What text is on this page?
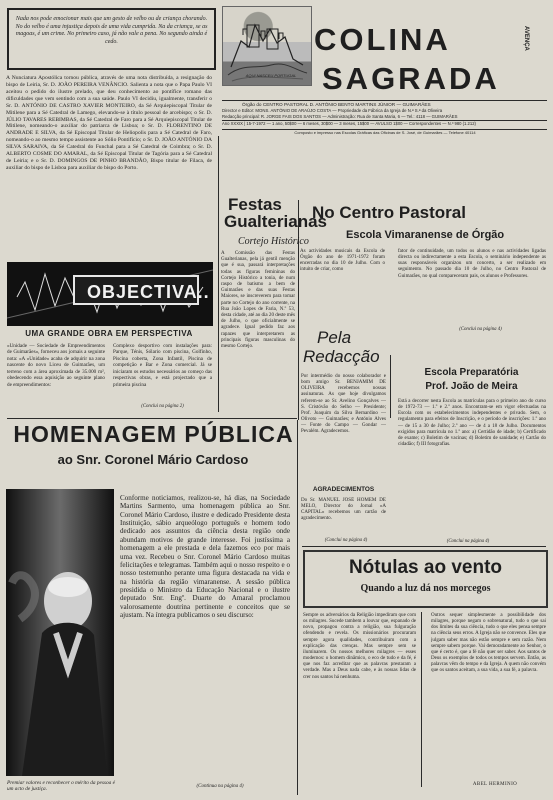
Nada nos pode emocionar mais que um gesto de velho ou de criança chorando. No do velho é uma injustiça depois de uma vida cumprida. Na da criança, se as magoas, é um crime. No primeiro caso, já não vale a pena. No segundo ainda é cedo.
A Nunciatura Apostólica tornou pública, através de uma nota distribuída, a resignação do bispo de Leiria, Sr. D. JOÃO PEREIRA VENÂNCIO. Salienta a nota que o Papa Paulo VI aceitou o pedido do ilustre prelado, que deu conhecimento ao pontífice romano das dificuldades que vem sentindo com a sua saúde. Paulo VI decidiu, igualmente, transferir o Sr. D. ANTÓNIO DE CASTRO XAVIER MONTEIRO, da Sé Arquiepiscopal Titular de Mitilene para a Sé Catedral de Lamego, elevando-se à título pessoal de arcebispo; o Sr. D. JÚLIO TAVARES REBIMBAS, da Sé Catedral de Faro para a Sé Arquiepiscopal Titular de Mitilene, nomeando-o auxiliar do patriarca de Lisboa; o Sr. D. FLORENTINO DE ANDRADE E SILVA, da Sé Episcopal Titular de Heliopolis para a Sé Catedral de Faro, nomeando-o ao mesmo tempo assistente ao Sólio Pontifício; o Sr. D. JOÃO ANTÓNIO DA SILVA SARAIVA, da Sé Catedral do Funchal para a Sé Catedral de Coimbra; o Sr. D. ALBERTO COSME DO AMARAL, da Sé Episcopal Titular de Tagória para a Sé Catedral de Leiria; e o Sr. D. DOMINGOS DE PINHO BRANDÃO, Bispo titular de Filaca, de auxiliar do bispo de Lisboa para auxiliar do bispo do Porto.
AQUI NASCEU PORTUGAL
COLINA
SAGRADA
AVENÇA
Órgão do CENTRO PASTORAL D. ANTÓNIO BENTO MARTINS JÚNIOR — GUIMARÃES
Director e Editor: MONS. ANTÓNIO DE ARAÚJO COSTA — Propriedade da Fábrica da Igreja de N.ª S.ª da Oliveira
Redacção principal: R. JORGE FAIS DOS SANTOS — Administração: Rua de Santa Maria, 6 — Tel.: 4118 — GUIMARÃES
Ano XXXIX | 15-7-1972 — 1 ano, 50$00 — 6 meses, 30$00 — 3 meses, 15$00 — AVULSO 1$00 — Correspondentes — N.º 980 (1.212)
Composto e impresso nas Escolas Gráficas das Oficinas de S. José, de Guimarães — Telefone 40114
OBJECTIVA..
UMA GRANDE OBRA EM PERSPECTIVA
«Unidade — Sociedade de Empreendimentos de Guimarães», forneceu aos jornais a seguinte nota: «A «Unidade» acaba de adquirir na zona nascente do novo Liceu de Guimarães, um terreno com a área aproximada de 35.000 m², obedecendo essa aquisição ao seguinte plano de empreendimentos:
Complexo desportivo com instalações para: Parque, Ténis, Sólario com piscina, Golfinho, Piscina coberta, Zona Infantil, Piscina de competição e Bar e Zona comercial. Já se iniciaram os estudos necessários ao começo das respectivas obras, e está projectado que a primeira piscina
(Conclui na página 2)
Festas
Gualterianas
Cortejo Histórico
A Comissão das Festas Gualterianas, pela já gentil menção que é sua, passará interpretações todas as figuras femininas do Cortejo Histórico a tonia, de num raspo de batismo a bem de Guimarães e das suas Festas Maiores, se inscreverem para tomar parte no Cortejo do ano corrente, na Rua João Lopes de Faria, N.º 53, desta cidade, até ao dia 20 deste mês de Julho, o que oficialmente se agradece. Igual pedido faz aos rapazes que interpretarem as principais figuras masculinas do mesmo Cortejo.
No Centro Pastoral
Escola Vimaranense de Órgão
As actividades musicais da Escola de Órgão do ano de 1971-1972 foram encerradas no dia 10 de Julho. Com o intuito de criar, como
fator de continuidade, um todos os alunos e nas actividades ligadas directa ou indirectamente a esta Escola, o seminário independente as suas responsáveis organizou um concerto, a ser realizado em seguimento. No passado dia 10 de Julho, no Centro Pastoral de Guimarães, no qual compareceram pais, os alunos e Professores.
(Conclui na página 4)
Pela
Redacção
Por intermédio do nosso colaborador e bom amigo Sr. BENJAMIM DE OLIVEIRA recebemos nossas assinaturas. As que hoje divulgamos referem-se ao Sr. Avelino Gonçalves — S. Cristóvão do Selho — Presidente; Prof. Joaquim da Silva Bernardino — Olivoto — Guimarães; e António Alves — Fonte do Campo — Gondar — Pevalém. Agradecemos.
AGRADECIMENTOS
Do Sr. MANUEL JOSÉ HOMEM DE MELO, Director do Jornal «A CAPITAL» recebemos um cartão de agradecimento.
(Conclui na página 4)
Escola Preparatória
Prof. João de Meira
Está a decorrer nesta Escola as matrículas para o primeiro ano do curso de 1972-73 — 1.º e 2.º anos. Encontram-se em vigor efectuadas na Escola com os estabelecimentos independentes e privado. Sem, o regulamento para efeitos de Inscrição, e o período de inscrições: 1.º ano — de 15 a 30 de Julho; 2.º ano — de 4 a 18 de Julho. Documentos exigidos para matrícula no 1.º ano: a) Certidão de idade; b) Certificado de exame; c) Boletim de vacinas; d) Boletim de sanidade; e) Cartão do cidadão; f) III fotografias.
(Conclui na página 4)
HOMENAGEM PÚBLICA
ao Snr. Coronel Mário Cardoso
Premiar valores e reconhecer o mérito da pessoa é um acto de justiça.
Conforme noticiamos, realizou-se, há dias, na Sociedade Martins Sarmento, uma homenagem pública ao Snr. Coronel Mário Cardoso, ilustre e dedicado Presidente desta Instituição, sábio arqueólogo português e homem todo dedicado aos assuntos da ciência desta região onde abundam motivos de grande interesse. Foi justíssima a homenagem a ele prestada e dela fazemos eco por mais uma vez. Recebeu o Snr. Coronel Mário Cardoso muitas felicitações e telegramas. Também aqui o nosso respeito e o nosso testemunho perante uma figura destacada na vida e na história da região vimaranense. A sessão pública presidida o Ministro da Educação Nacional e o ilustre deputado Snr. Engº. Duarte do Amaral proclamou valorosamente doutrina pertinente e conceitos que se ajustam. Na íntegra publicamos o seu discurso:
(Continua na página 4)
Nótulas ao vento
Quando a luz dá nos morcegos
Sempre os adversários da Religião impediram que com os milagres. Sucede tambem a louvar que, espanado de novo, propagou contra a religião, sua fulguração ofendendo e revela. Os missionários procuraram sempre agora qualidades, contribuíram com a explicação das crenças. Mas sempre sem se iluminarem. Os nossos melhores milagres — esses modernos: o homem dinâmico, o eco de tudo e da fé, é que nos faz acreditar que as palavras prestaram a verdade. Mas a Deus nada cabe, e às nossas lidas de crer nos santos há nenhuma.
Outros sequer simplesmente a possibilidade dos milagres, porque negam o sobrenatural, tudo o que sai dos limites da sua ciência, tudo o que eles pensa sempre na ciência seus erros. A Igreja não se convence. Eles que julgam saber mas não estão sempre e sem razão. Nem sempre sabem porque. Vai demoradamente ao Senhor, o que é certo é, que a fé não quer ser saber. Aos santos de Deus os exemplos de todos os tempos servem. Então, as palavras vêm do tempo e da Igreja. A quem não convém que os santos aceitam, a sua vida, a sua fé, a palavra.
ABEL HERMINIO
